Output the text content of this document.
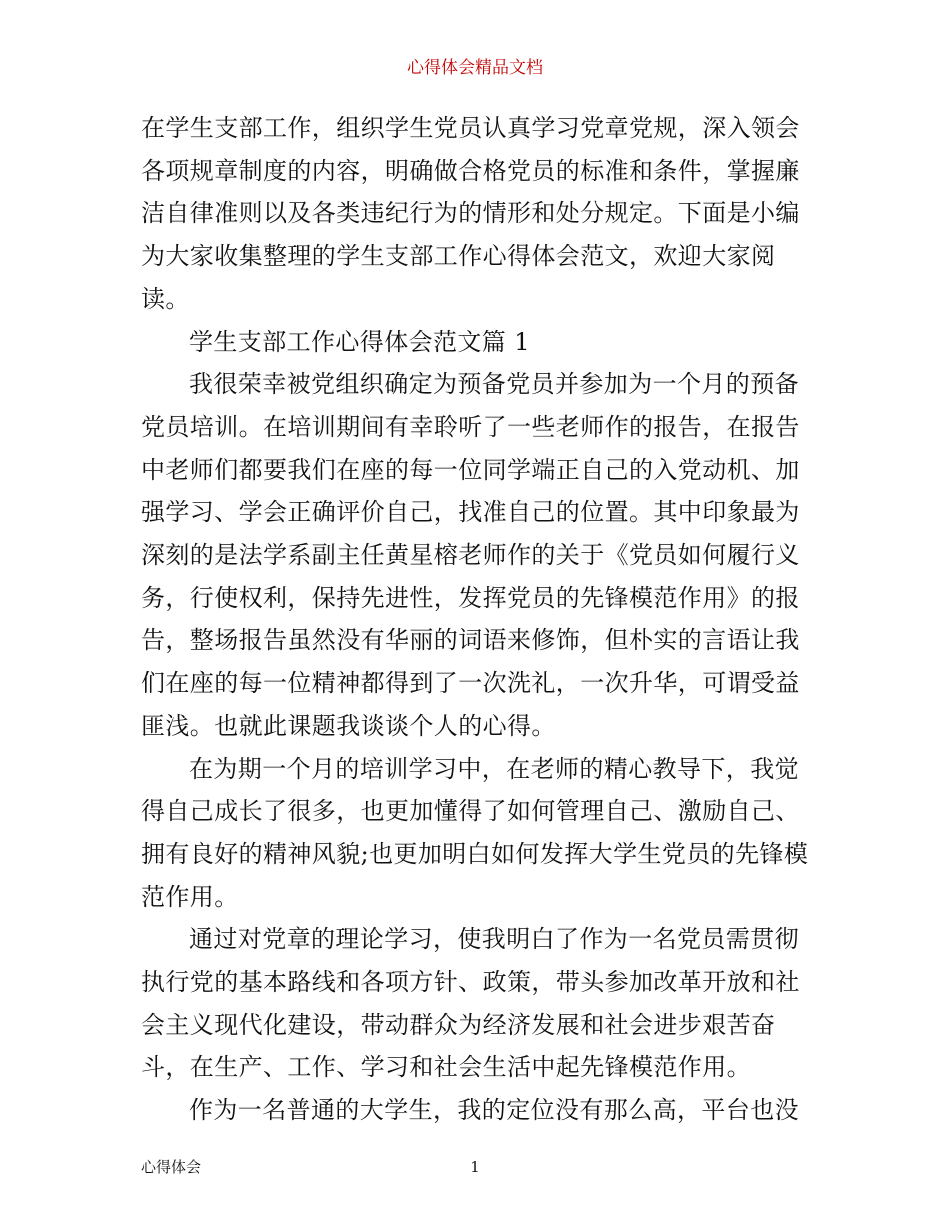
心得体会精品文档

在学生支部工作，组织学生党员认真学习党章党规，深入领会各项规章制度的内容，明确做合格党员的标准和条件，掌握廉洁自律准则以及各类违纪行为的情形和处分规定。下面是小编为大家收集整理的学生支部工作心得体会范文，欢迎大家阅读。

学生支部工作心得体会范文篇 1

我很荣幸被党组织确定为预备党员并参加为一个月的预备党员培训。在培训期间有幸聆听了一些老师作的报告，在报告中老师们都要我们在座的每一位同学端正自己的入党动机、加强学习、学会正确评价自己，找准自己的位置。其中印象最为深刻的是法学系副主任黄星榕老师作的关于《党员如何履行义务，行使权利，保持先进性，发挥党员的先锋模范作用》的报告，整场报告虽然没有华丽的词语来修饰，但朴实的言语让我们在座的每一位精神都得到了一次洗礼，一次升华，可谓受益匪浅。也就此课题我谈谈个人的心得。

在为期一个月的培训学习中，在老师的精心教导下，我觉得自己成长了很多，也更加懂得了如何管理自己、激励自己、拥有良好的精神风貌;也更加明白如何发挥大学生党员的先锋模范作用。

通过对党章的理论学习，使我明白了作为一名党员需贯彻执行党的基本路线和各项方针、政策，带头参加改革开放和社会主义现代化建设，带动群众为经济发展和社会进步艰苦奋斗，在生产、工作、学习和社会生活中起先锋模范作用。

作为一名普通的大学生，我的定位没有那么高，平台也没

心得体会	1
